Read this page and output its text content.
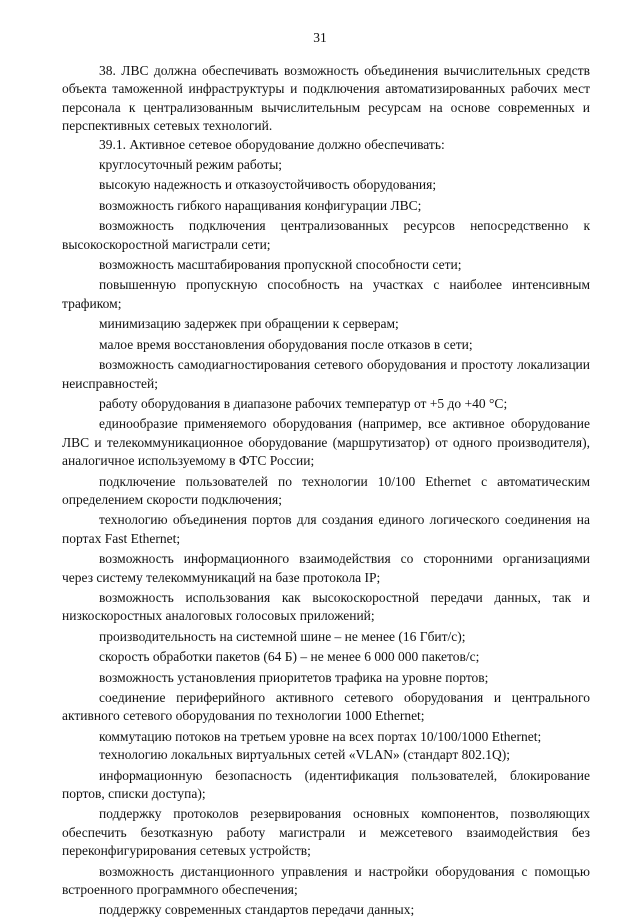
31

38. ЛВС должна обеспечивать возможность объединения вычислительных средств объекта таможенной инфраструктуры и подключения автоматизированных рабочих мест персонала к централизованным вычислительным ресурсам на основе современных и перспективных сетевых технологий.

39.1. Активное сетевое оборудование должно обеспечивать:

круглосуточный режим работы;

высокую надежность и отказоустойчивость оборудования;

возможность гибкого наращивания конфигурации ЛВС;

возможность подключения централизованных ресурсов непосредственно к высокоскоростной магистрали сети;

возможность масштабирования пропускной способности сети;

повышенную пропускную способность на участках с наиболее интенсивным трафиком;

минимизацию задержек при обращении к серверам;

малое время восстановления оборудования после отказов в сети;

возможность самодиагностирования сетевого оборудования и простоту локализации неисправностей;

работу оборудования в диапазоне рабочих температур от +5 до +40 °C;

единообразие применяемого оборудования (например, все активное оборудование ЛВС и телекоммуникационное оборудование (маршрутизатор) от одного производителя), аналогичное используемому в ФТС России;

подключение пользователей по технологии 10/100 Ethernet с автоматическим определением скорости подключения;

технологию объединения портов для создания единого логического соединения на портах Fast Ethernet;

возможность информационного взаимодействия со сторонними организациями через систему телекоммуникаций на базе протокола IP;

возможность использования как высокоскоростной передачи данных, так и низкоскоростных аналоговых голосовых приложений;

производительность на системной шине – не менее (16 Гбит/с);

скорость обработки пакетов (64 Б) – не менее 6 000 000 пакетов/с;

возможность установления приоритетов трафика на уровне портов;

соединение периферийного активного сетевого оборудования и центрального активного сетевого оборудования по технологии 1000 Ethernet;

коммутацию потоков на третьем уровне на всех портах 10/100/1000 Ethernet;

технологию локальных виртуальных сетей «VLAN» (стандарт 802.1Q);

информационную безопасность (идентификация пользователей, блокирование портов, списки доступа);

поддержку протоколов резервирования основных компонентов, позволяющих обеспечить безотказную работу магистрали и межсетевого взаимодействия без переконфигурирования сетевых устройств;

возможность дистанционного управления и настройки оборудования с помощью встроенного программного обеспечения;

поддержку современных стандартов передачи данных;
